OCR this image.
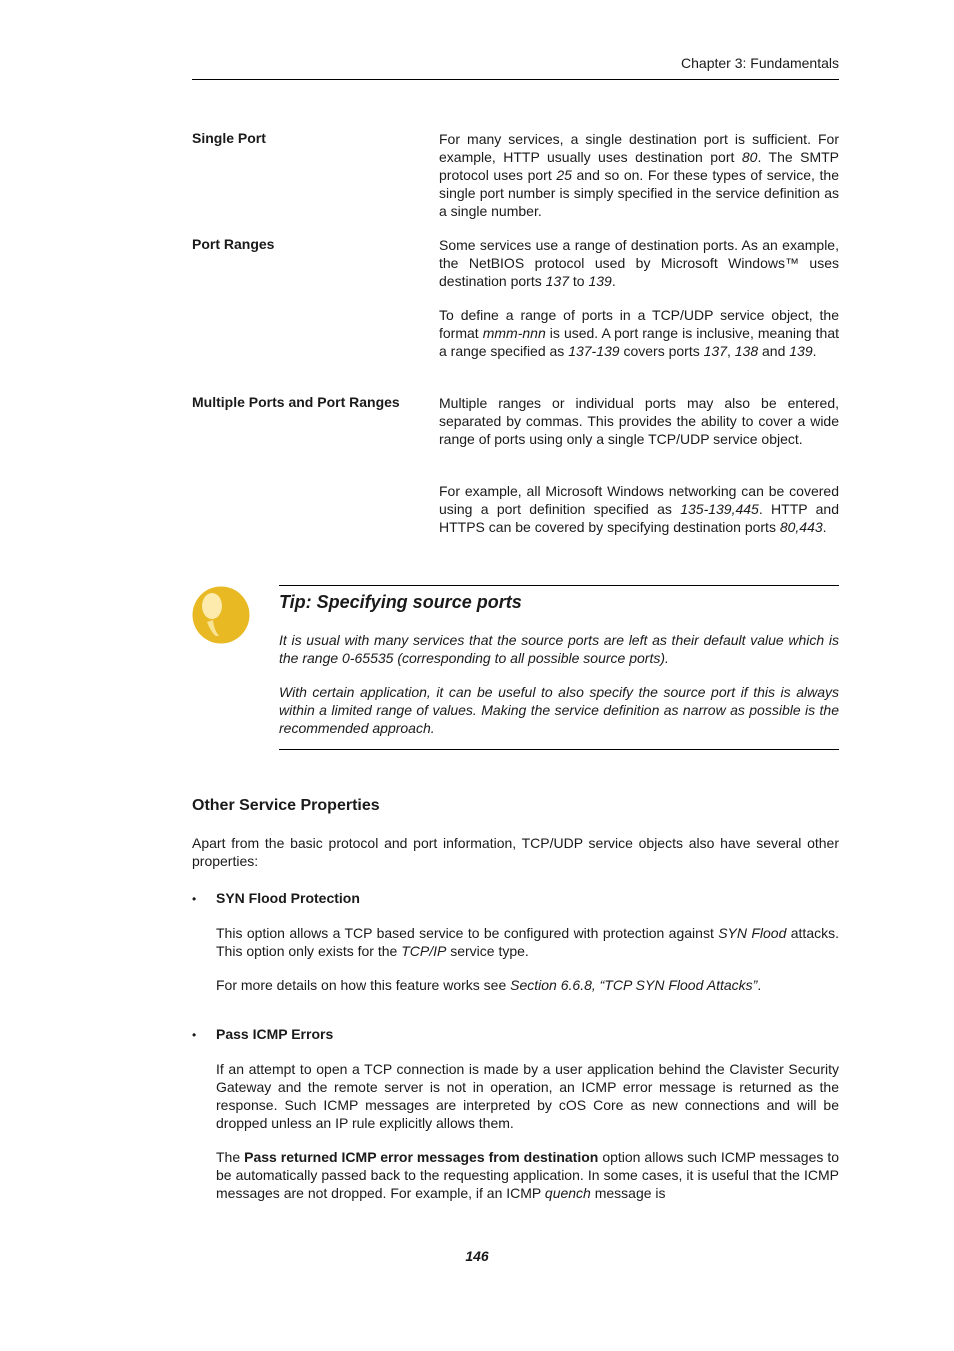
Chapter 3: Fundamentals
Single Port	For many services, a single destination port is sufficient. For example, HTTP usually uses destination port 80. The SMTP protocol uses port 25 and so on. For these types of service, the single port number is simply specified in the service definition as a single number.
Port Ranges	Some services use a range of destination ports. As an example, the NetBIOS protocol used by Microsoft Windows™ uses destination ports 137 to 139.
To define a range of ports in a TCP/UDP service object, the format mmm-nnn is used. A port range is inclusive, meaning that a range specified as 137-139 covers ports 137, 138 and 139.
Multiple Ports and Port Ranges	Multiple ranges or individual ports may also be entered, separated by commas. This provides the ability to cover a wide range of ports using only a single TCP/UDP service object.
For example, all Microsoft Windows networking can be covered using a port definition specified as 135-139,445. HTTP and HTTPS can be covered by specifying destination ports 80,443.
Tip: Specifying source ports
It is usual with many services that the source ports are left as their default value which is the range 0-65535 (corresponding to all possible source ports).
With certain application, it can be useful to also specify the source port if this is always within a limited range of values. Making the service definition as narrow as possible is the recommended approach.
Other Service Properties
Apart from the basic protocol and port information, TCP/UDP service objects also have several other properties:
• SYN Flood Protection
This option allows a TCP based service to be configured with protection against SYN Flood attacks. This option only exists for the TCP/IP service type.
For more details on how this feature works see Section 6.6.8, “TCP SYN Flood Attacks”.
• Pass ICMP Errors
If an attempt to open a TCP connection is made by a user application behind the Clavister Security Gateway and the remote server is not in operation, an ICMP error message is returned as the response. Such ICMP messages are interpreted by cOS Core as new connections and will be dropped unless an IP rule explicitly allows them.
The Pass returned ICMP error messages from destination option allows such ICMP messages to be automatically passed back to the requesting application. In some cases, it is useful that the ICMP messages are not dropped. For example, if an ICMP quench message is
146
